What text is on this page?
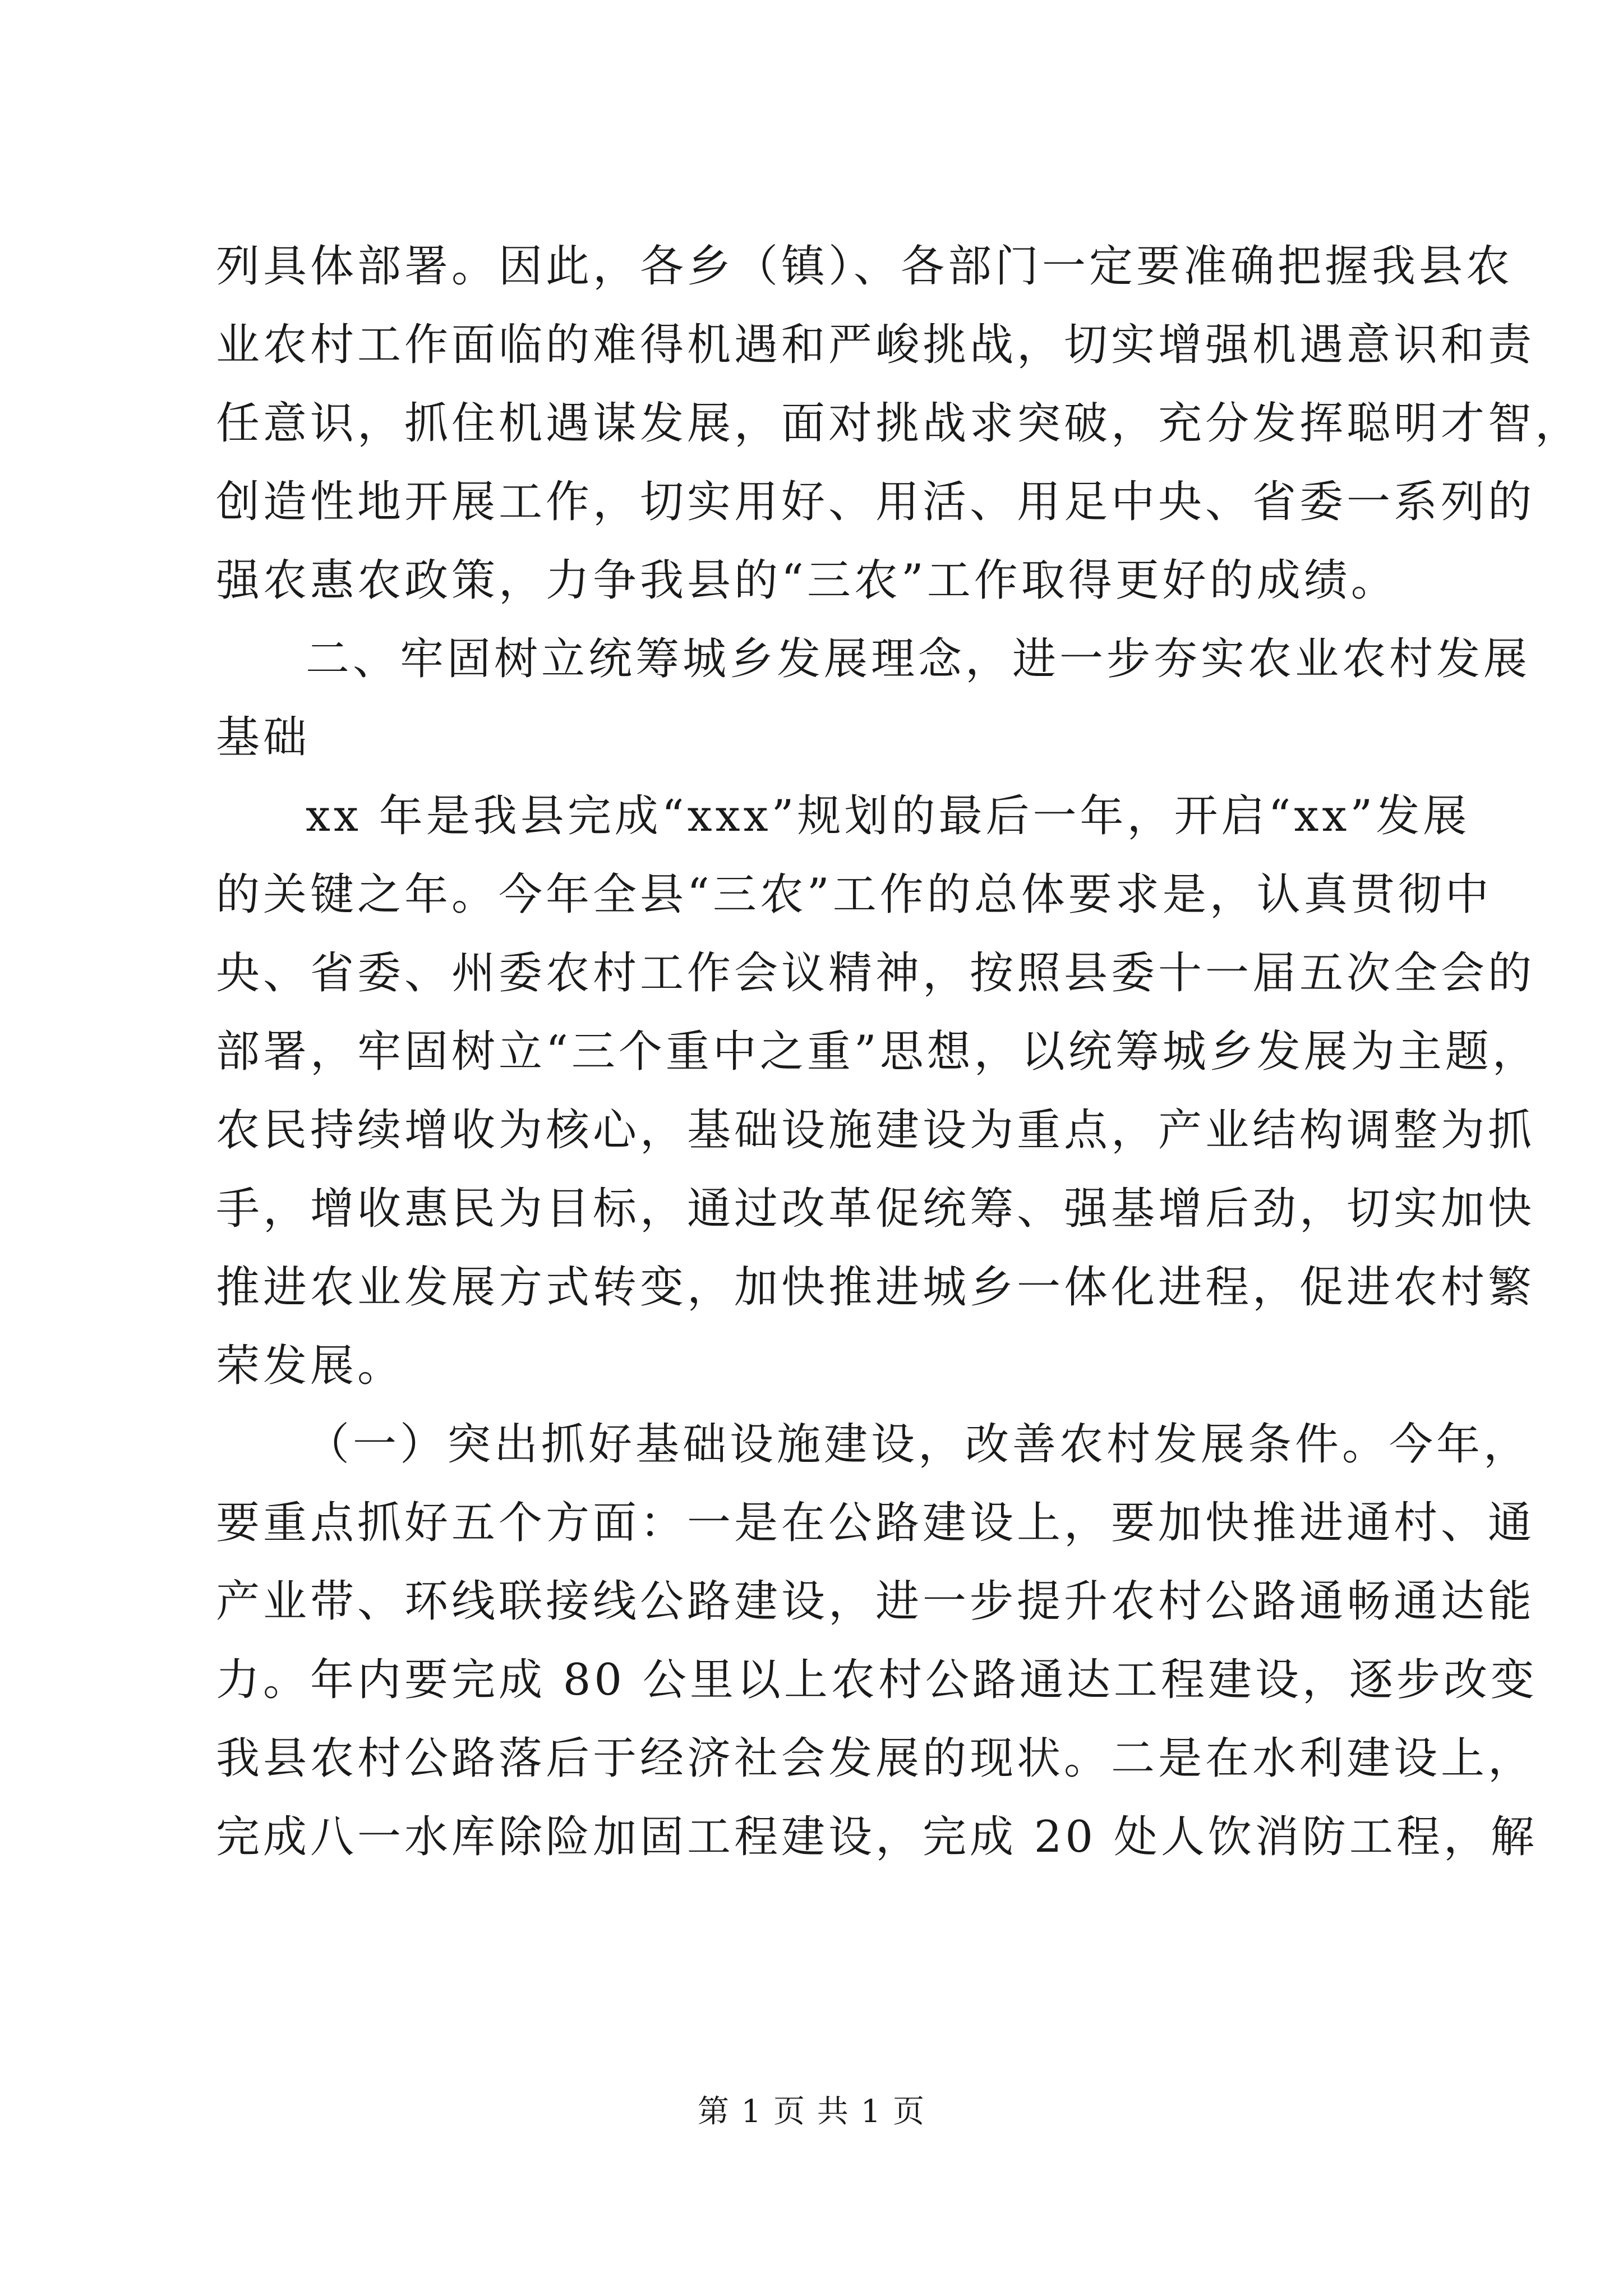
列具体部署。因此，各乡（镇）、各部门一定要准确把握我县农
业农村工作面临的难得机遇和严峻挑战，切实增强机遇意识和责
任意识，抓住机遇谋发展，面对挑战求突破，充分发挥聪明才智，
创造性地开展工作，切实用好、用活、用足中央、省委一系列的
强农惠农政策，力争我县的“三农”工作取得更好的成绩。
二、牢固树立统筹城乡发展理念，进一步夯实农业农村发展
基础
xx 年是我县完成“xxx”规划的最后一年，开启“xx”发展
的关键之年。今年全县“三农”工作的总体要求是，认真贯彻中
央、省委、州委农村工作会议精神，按照县委十一届五次全会的
部署，牢固树立“三个重中之重”思想，以统筹城乡发展为主题，
农民持续增收为核心，基础设施建设为重点，产业结构调整为抓
手，增收惠民为目标，通过改革促统筹、强基增后劲，切实加快
推进农业发展方式转变，加快推进城乡一体化进程，促进农村繁
荣发展。
（一）突出抓好基础设施建设，改善农村发展条件。今年，
要重点抓好五个方面：一是在公路建设上，要加快推进通村、通
产业带、环线联接线公路建设，进一步提升农村公路通畅通达能
力。年内要完成 80 公里以上农村公路通达工程建设，逐步改变
我县农村公路落后于经济社会发展的现状。二是在水利建设上，
完成八一水库除险加固工程建设，完成 20 处人饮消防工程，解
第 1 页 共 1 页
